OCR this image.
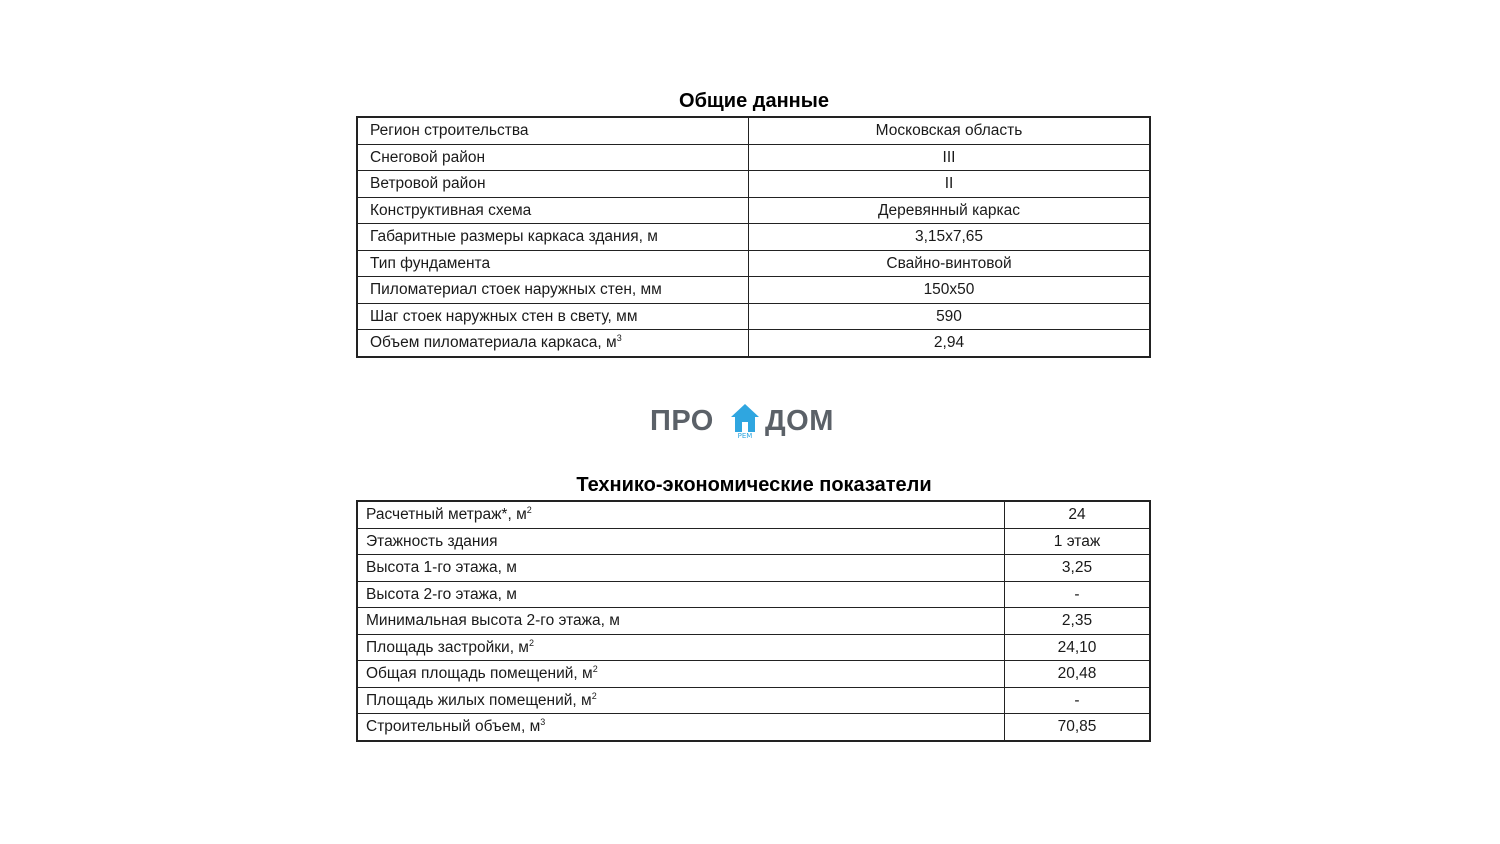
Общие данные
Регион строительства	Московская область
Снеговой район	III
Ветровой район	II
Конструктивная схема	Деревянный каркас
Габаритные размеры каркаса здания, м	3,15x7,65
Тип фундамента	Свайно-винтовой
Пиломатериал стоек наружных стен, мм	150x50
Шаг стоек наружных стен в свету, мм	590
Объем пиломатериала каркаса, $м^3$	2,94
ПРО	РЕМ ДОМ
Технико-экономические показатели
Расчетный метраж*, $м^2$	24
Этажность здания	1 этаж
Высота 1-го этажа, м	3,25
Высота 2-го этажа, м	-
Минимальная высота 2-го этажа, м	2,35
Площадь застройки, $м^2$	24,10
Общая площадь помещений, $м^2$	20,48
Площадь жилых помещений, $м^2$	-
Строительный объем, $м^3$	70,85
